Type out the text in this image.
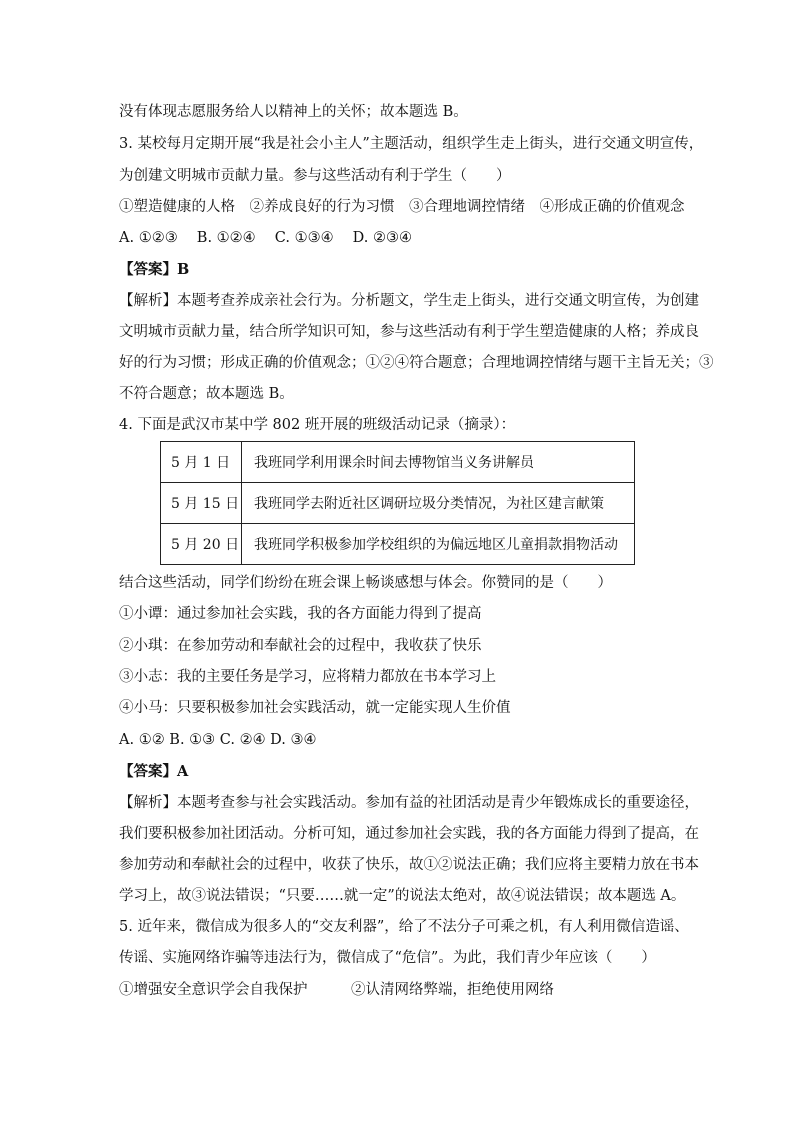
没有体现志愿服务给人以精神上的关怀；故本题选 B。
3. 某校每月定期开展“我是社会小主人”主题活动，组织学生走上街头，进行交通文明宣传，
为创建文明城市贡献力量。参与这些活动有利于学生（　　）
①塑造健康的人格　②养成良好的行为习惯　③合理地调控情绪　④形成正确的价值观念
A. ①②③　 B. ①②④　 C. ①③④　 D. ②③④
【答案】B
【解析】本题考查养成亲社会行为。分析题文，学生走上街头，进行交通文明宣传，为创建
文明城市贡献力量，结合所学知识可知，参与这些活动有利于学生塑造健康的人格；养成良
好的行为习惯；形成正确的价值观念；①②④符合题意；合理地调控情绪与题干主旨无关；③
不符合题意；故本题选 B。
4. 下面是武汉市某中学 802 班开展的班级活动记录（摘录）：
5 月 1 日	我班同学利用课余时间去博物馆当义务讲解员
5 月 15 日	我班同学去附近社区调研垃圾分类情况，为社区建言献策
5 月 20 日	我班同学积极参加学校组织的为偏远地区儿童捐款捐物活动
结合这些活动，同学们纷纷在班会课上畅谈感想与体会。你赞同的是（　　）
①小谭：通过参加社会实践，我的各方面能力得到了提高
②小琪：在参加劳动和奉献社会的过程中，我收获了快乐
③小志：我的主要任务是学习，应将精力都放在书本学习上
④小马：只要积极参加社会实践活动，就一定能实现人生价值
A. ①② B. ①③ C. ②④ D. ③④
【答案】A
【解析】本题考查参与社会实践活动。参加有益的社团活动是青少年锻炼成长的重要途径，
我们要积极参加社团活动。分析可知，通过参加社会实践，我的各方面能力得到了提高，在
参加劳动和奉献社会的过程中，收获了快乐，故①②说法正确；我们应将主要精力放在书本
学习上，故③说法错误；“只要……就一定”的说法太绝对，故④说法错误；故本题选 A。
5. 近年来，微信成为很多人的“交友利器”，给了不法分子可乘之机，有人利用微信造谣、
传谣、实施网络诈骗等违法行为，微信成了“危信”。为此，我们青少年应该（　　）
①增强安全意识学会自我保护　　　②认清网络弊端，拒绝使用网络
